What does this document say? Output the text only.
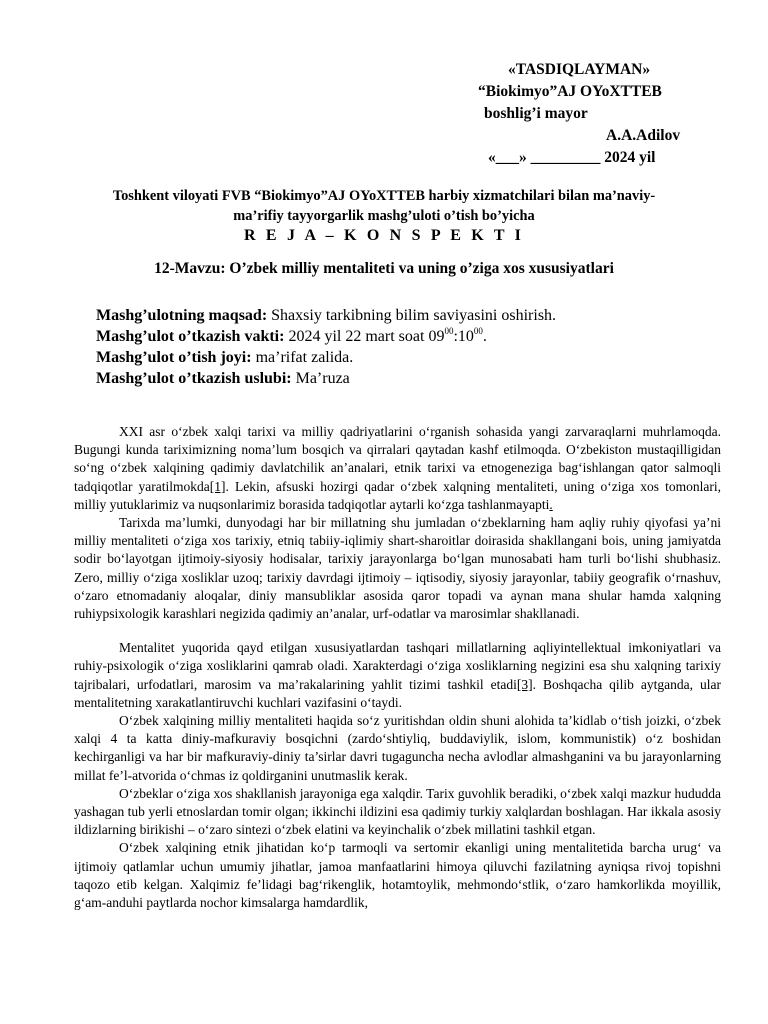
«TASDIQLAYMAN»
“Biokimyo”AJ OYoXTTEB
boshlig’i mayor
A.A.Adilov
«___» _________ 2024 yil
Toshkent viloyati FVB “Biokimyo”AJ OYoXTTEB harbiy xizmatchilari bilan ma’naviy-
ma’rifiy tayyorgarlik mashg’uloti o’tish bo’yicha
R E J A – K O N S P E K T I
12-Mavzu: O’zbek milliy mentaliteti va uning o’ziga xos xususiyatlari
Mashg’ulotning maqsad: Shaxsiy tarkibning bilim saviyasini oshirish.
Mashg’ulot o’tkazish vakti: 2024 yil 22 mart soat $09^{00}:10^{00}$.
Mashg’ulot o’tish joyi: ma’rifat zalida.
Mashg’ulot o’tkazish uslubi: Ma’ruza

XXI asr o‘zbek xalqi tarixi va milliy qadriyatlarini o‘rganish sohasida yangi zarvaraqlarni muhrlamoqda. Bugungi kunda tariximizning noma’lum bosqich va qirralari qaytadan kashf etilmoqda. O‘zbekiston mustaqilligidan so‘ng o‘zbek xalqining qadimiy davlatchilik an’analari, etnik tarixi va etnogeneziga bag‘ishlangan qator salmoqli tadqiqotlar yaratilmokda[1]. Lekin, afsuski hozirgi qadar o‘zbek xalqning mentaliteti, uning o‘ziga xos tomonlari, milliy yutuklarimiz va nuqsonlarimiz borasida tadqiqotlar aytarli ko‘zga tashlanmayapti.

Tarixda ma’lumki, dunyodagi har bir millatning shu jumladan o‘zbeklarning ham aqliy ruhiy qiyofasi ya’ni milliy mentaliteti o‘ziga xos tarixiy, etniq tabiiy-iqlimiy shart-sharoitlar doirasida shakllangani bois, uning jamiyatda sodir bo‘layotgan ijtimoiy-siyosiy hodisalar, tarixiy jarayonlarga bo‘lgan munosabati ham turli bo‘lishi shubhasiz. Zero, milliy o‘ziga xosliklar uzoq; tarixiy davrdagi ijtimoiy – iqtisodiy, siyosiy jarayonlar, tabiiy geografik o‘rnashuv, o‘zaro etnomadaniy aloqalar, diniy mansubliklar asosida qaror topadi va aynan mana shular hamda xalqning ruhiypsixologik karashlari negizida qadimiy an’analar, urf-odatlar va marosimlar shakllanadi.

Mentalitet yuqorida qayd etilgan xususiyatlardan tashqari millatlarning aqliyintellektual imkoniyatlari va ruhiy-psixologik o‘ziga xosliklarini qamrab oladi. Xarakterdagi o‘ziga xosliklarning negizini esa shu xalqning tarixiy tajribalari, urfodatlari, marosim va ma’rakalarining yahlit tizimi tashkil etadi[3]. Boshqacha qilib aytganda, ular mentalitetning xarakatlantiruvchi kuchlari vazifasini o‘taydi.

O‘zbek xalqining milliy mentaliteti haqida so‘z yuritishdan oldin shuni alohida ta’kidlab o‘tish joizki, o‘zbek xalqi 4 ta katta diniy-mafkuraviy bosqichni (zardo‘shtiyliq, buddaviylik, islom, kommunistik) o‘z boshidan kechirganligi va har bir mafkuraviy-diniy ta’sirlar davri tugaguncha necha avlodlar almashganini va bu jarayonlarning millat fe’l-atvorida o‘chmas iz qoldirganini unutmaslik kerak.

O‘zbeklar o‘ziga xos shakllanish jarayoniga ega xalqdir. Tarix guvohlik beradiki, o‘zbek xalqi mazkur hududda yashagan tub yerli etnoslardan tomir olgan; ikkinchi ildizini esa qadimiy turkiy xalqlardan boshlagan. Har ikkala asosiy ildizlarning birikishi – o‘zaro sintezi o‘zbek elatini va keyinchalik o‘zbek millatini tashkil etgan.

O‘zbek xalqining etnik jihatidan ko‘p tarmoqli va sertomir ekanligi uning mentalitetida barcha urug‘ va ijtimoiy qatlamlar uchun umumiy jihatlar, jamoa manfaatlarini himoya qiluvchi fazilatning ayniqsa rivoj topishni taqozo etib kelgan. Xalqimiz fe’lidagi bag‘rikenglik, hotamtoylik, mehmondo‘stlik, o‘zaro hamkorlikda moyillik, g‘am-anduhi paytlarda nochor kimsalarga hamdardlik,
